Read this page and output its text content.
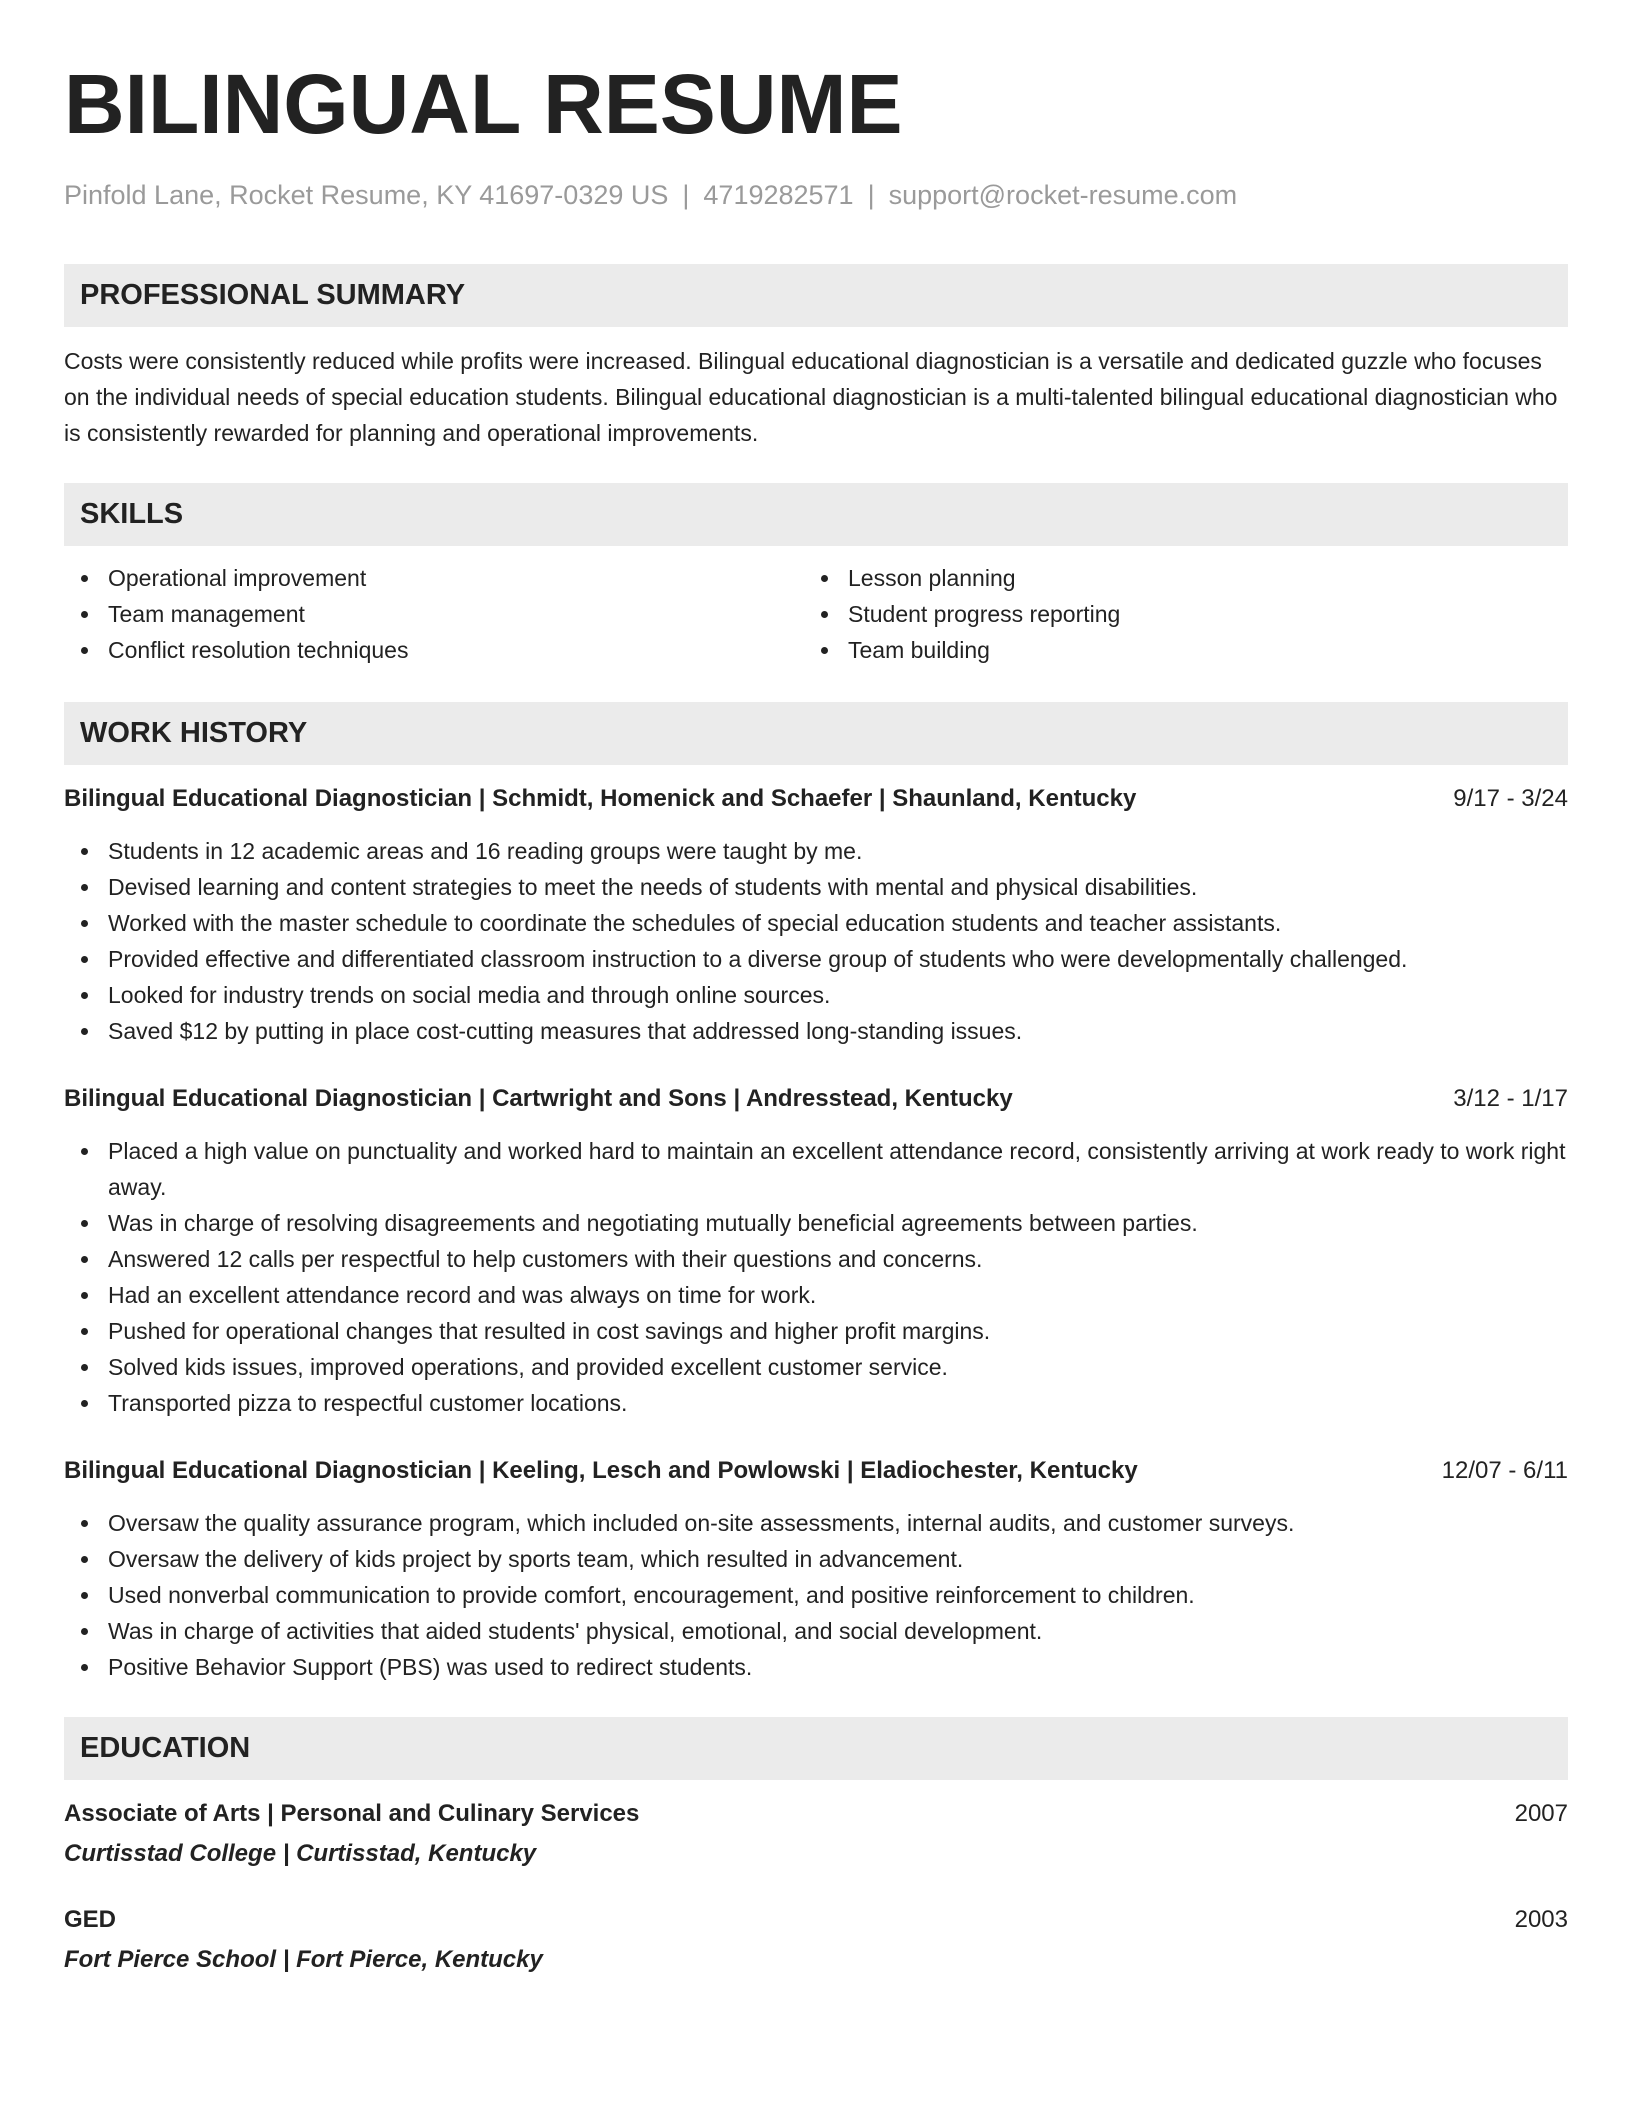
BILINGUAL RESUME
Pinfold Lane, Rocket Resume, KY 41697-0329 US | 4719282571 | support@rocket-resume.com
PROFESSIONAL SUMMARY

Costs were consistently reduced while profits were increased. Bilingual educational diagnostician is a versatile and dedicated guzzle who focuses on the individual needs of special education students. Bilingual educational diagnostician is a multi-talented bilingual educational diagnostician who is consistently rewarded for planning and operational improvements.

SKILLS
Operational improvement
Team management
Conflict resolution techniques
Lesson planning
Student progress reporting
Team building
WORK HISTORY
Bilingual Educational Diagnostician | Schmidt, Homenick and Schaefer | Shaunland, Kentucky	9/17 - 3/24
Students in 12 academic areas and 16 reading groups were taught by me.
Devised learning and content strategies to meet the needs of students with mental and physical disabilities.
Worked with the master schedule to coordinate the schedules of special education students and teacher assistants.
Provided effective and differentiated classroom instruction to a diverse group of students who were developmentally challenged.
Looked for industry trends on social media and through online sources.
Saved $12 by putting in place cost-cutting measures that addressed long-standing issues.
Bilingual Educational Diagnostician | Cartwright and Sons | Andresstead, Kentucky	3/12 - 1/17
Placed a high value on punctuality and worked hard to maintain an excellent attendance record, consistently arriving at work ready to work right away.
Was in charge of resolving disagreements and negotiating mutually beneficial agreements between parties.
Answered 12 calls per respectful to help customers with their questions and concerns.
Had an excellent attendance record and was always on time for work.
Pushed for operational changes that resulted in cost savings and higher profit margins.
Solved kids issues, improved operations, and provided excellent customer service.
Transported pizza to respectful customer locations.
Bilingual Educational Diagnostician | Keeling, Lesch and Powlowski | Eladiochester, Kentucky	12/07 - 6/11
Oversaw the quality assurance program, which included on-site assessments, internal audits, and customer surveys.
Oversaw the delivery of kids project by sports team, which resulted in advancement.
Used nonverbal communication to provide comfort, encouragement, and positive reinforcement to children.
Was in charge of activities that aided students' physical, emotional, and social development.
Positive Behavior Support (PBS) was used to redirect students.
EDUCATION
Associate of Arts | Personal and Culinary Services	2007
Curtisstad College | Curtisstad, Kentucky
GED	2003
Fort Pierce School | Fort Pierce, Kentucky
